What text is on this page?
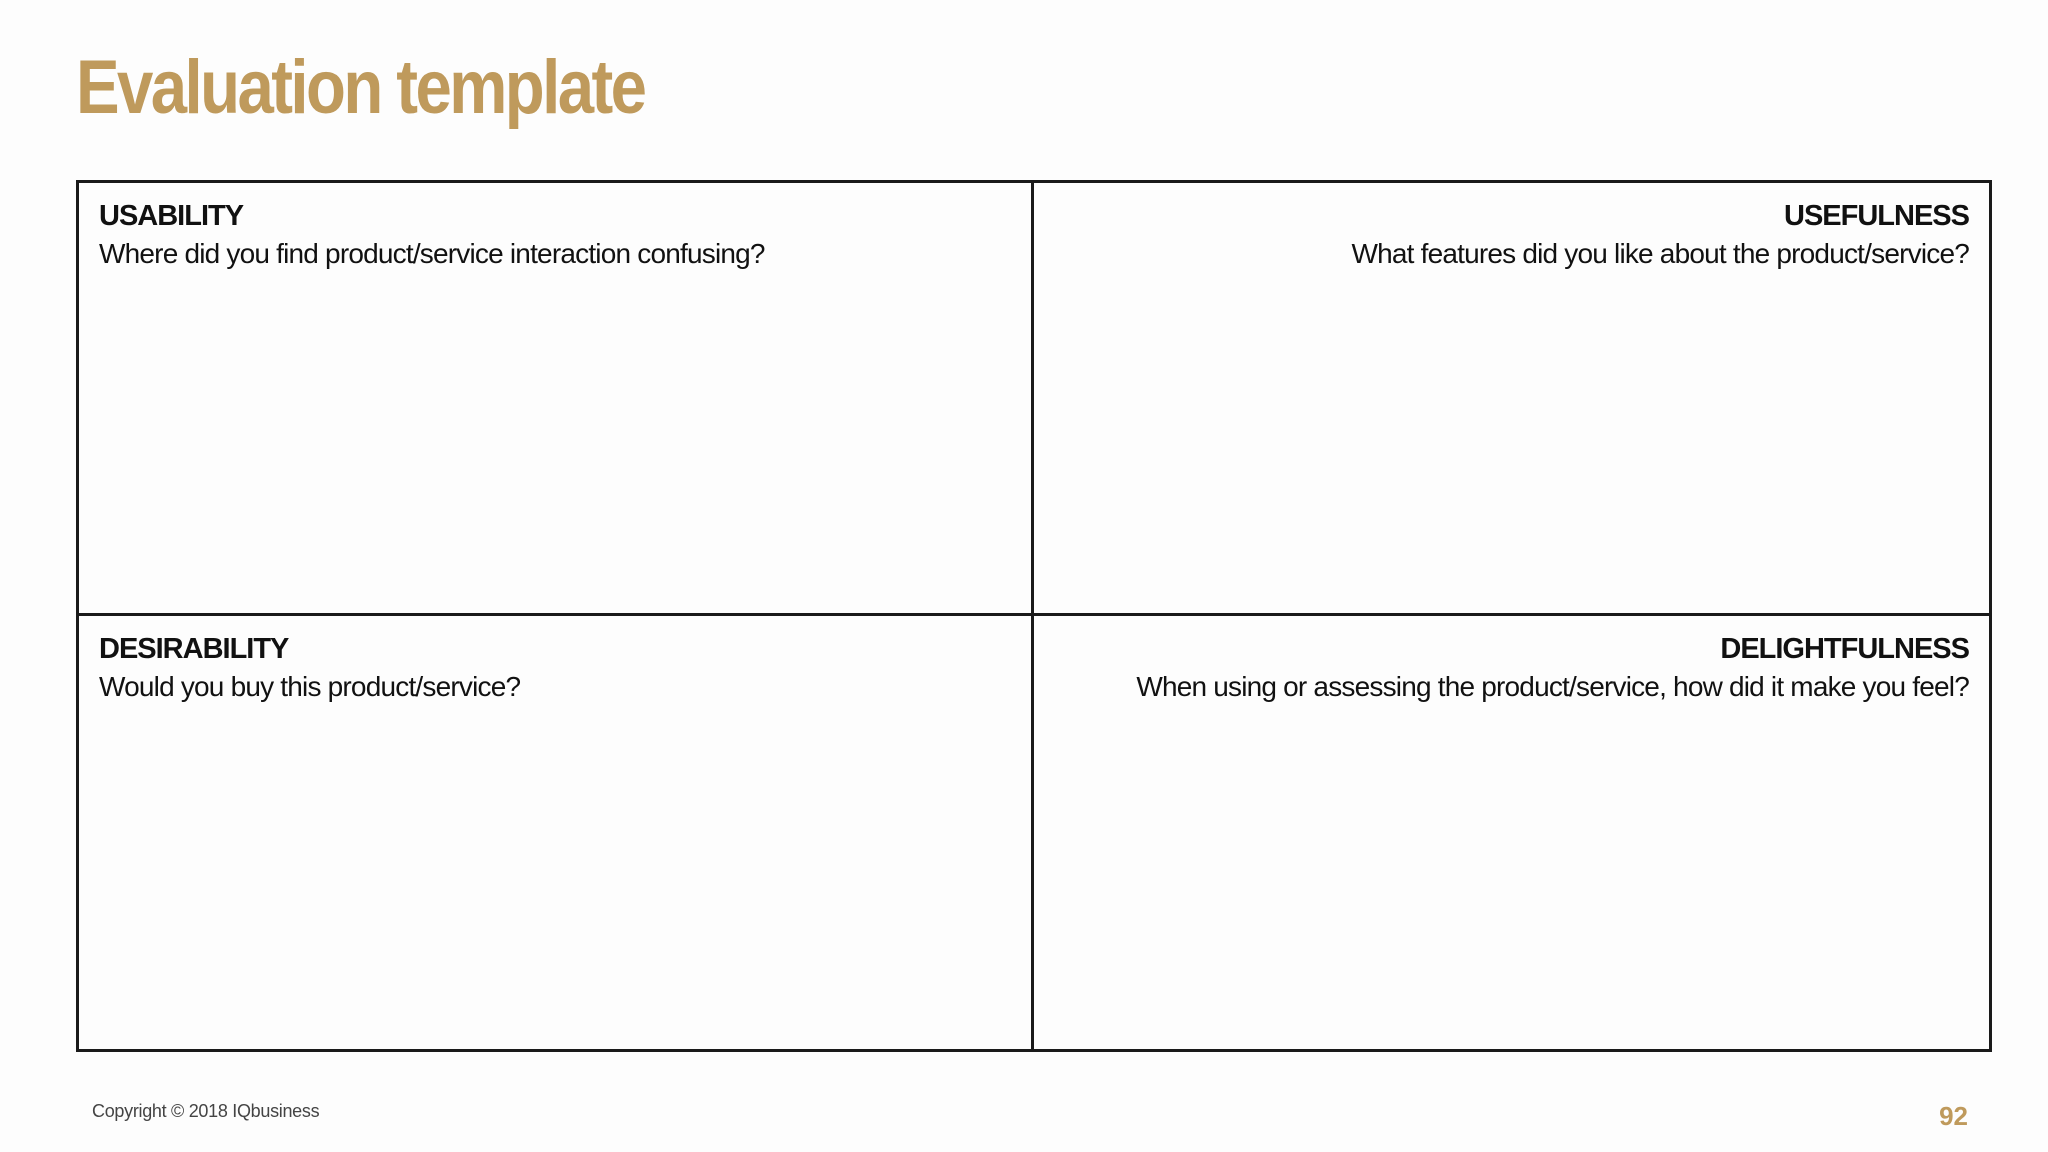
Evaluation template
USABILITY
Where did you find product/service interaction confusing?
USEFULNESS
What features did you like about the product/service?
DESIRABILITY
Would you buy this product/service?
DELIGHTFULNESS
When using or assessing the product/service, how did it make you feel?
Copyright © 2018 IQbusiness	92
